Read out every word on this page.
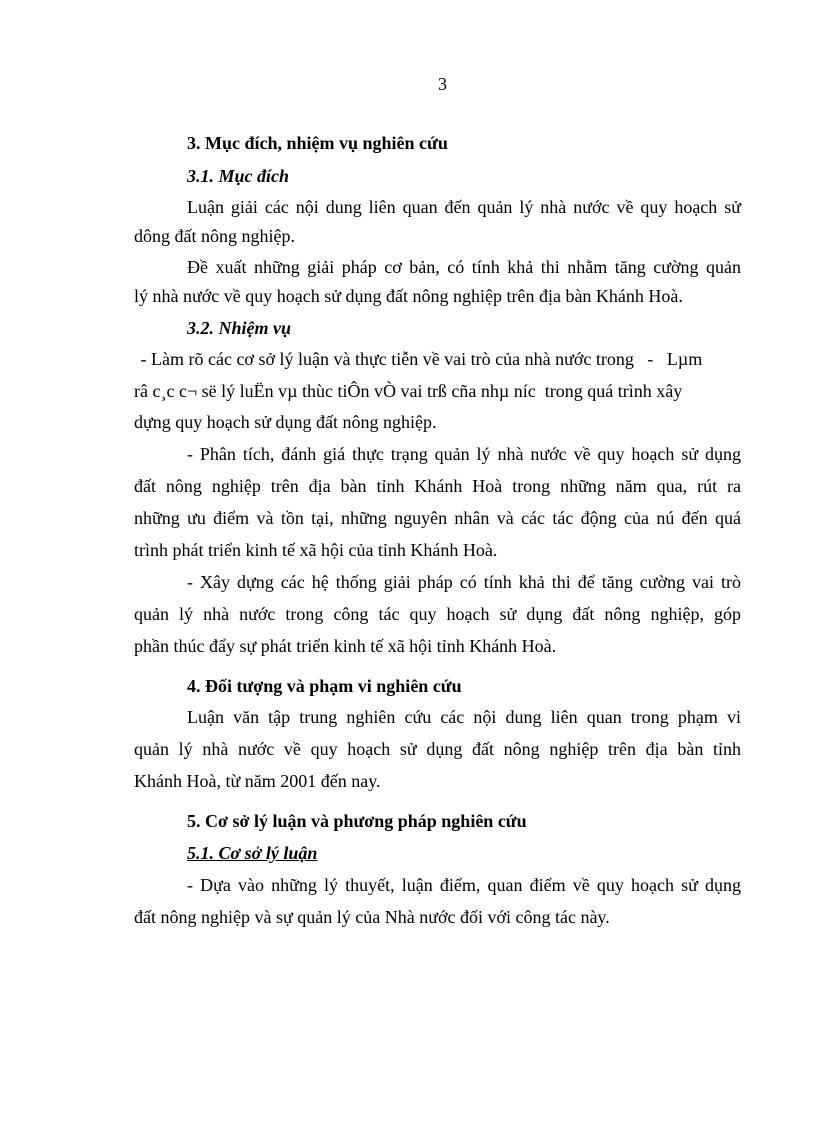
3
3. Mục đích, nhiệm vụ nghiên cứu
3.1. Mục đích
Luận giải các nội dung liên quan đến quản lý nhà nước về quy hoạch sử
dông đất nông nghiệp.
Đề xuất những giải pháp cơ bản, có tính khả thi nhằm tăng cường quản
lý nhà nước về quy hoạch sử dụng đất nông nghiệp trên địa bàn Khánh Hoà.
3.2. Nhiệm vụ
- Làm rõ các cơ sở lý luận và thực tiễn về vai trò của nhà nước trong   -   Lµm
râ c¸c c¬ së lý luËn vµ thùc tiÔn vÒ vai trß cña nhµ níc  trong quá trình xây
dựng quy hoạch sử dụng đất nông nghiệp.
- Phân tích, đánh giá thực trạng quản lý nhà nước về quy hoạch sử dụng
đất nông nghiệp trên địa bàn tỉnh Khánh Hoà trong những năm qua, rút ra
những ưu điểm và tồn tại, những nguyên nhân và các tác động của nú đến quá
trình phát triển kinh tế xã hội của tỉnh Khánh Hoà.
- Xây dựng các hệ thống giải pháp có tính khả thi để tăng cường vai trò
quản lý nhà nước trong công tác quy hoạch sử dụng đất nông nghiệp, góp
phần thúc đẩy sự phát triển kinh tế xã hội tỉnh Khánh Hoà.
4. Đối tượng và phạm vi nghiên cứu
Luận văn tập trung nghiên cứu các nội dung liên quan trong phạm vi
quản lý nhà nước về quy hoạch sử dụng đất nông nghiệp trên địa bàn tỉnh
Khánh Hoà, từ năm 2001 đến nay.
5. Cơ sở lý luận và phương pháp nghiên cứu
5.1. Cơ sở lý luận
- Dựa vào những lý thuyết, luận điểm, quan điểm về quy hoạch sử dụng
đất nông nghiệp và sự quản lý của Nhà nước đối với công tác này.
